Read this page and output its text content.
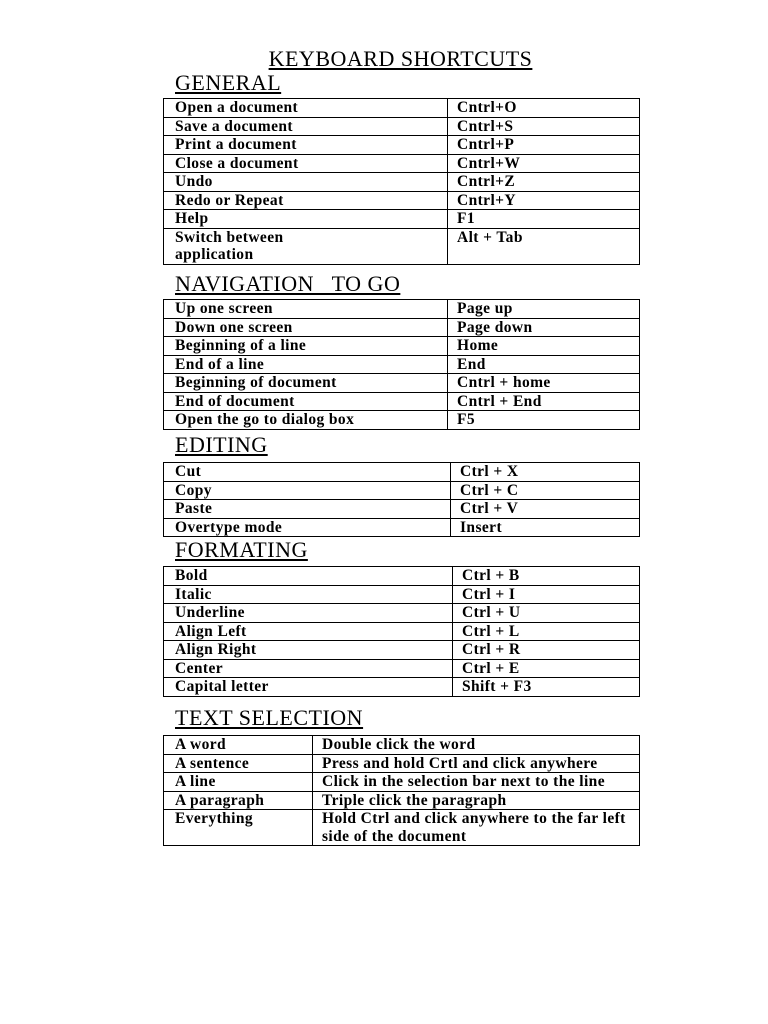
KEYBOARD SHORTCUTS
GENERAL
Open a document	Cntrl+O
Save a document	Cntrl+S
Print a document	Cntrl+P
Close a document	Cntrl+W
Undo	Cntrl+Z
Redo or Repeat	Cntrl+Y
Help	F1
Switch between application	Alt + Tab
NAVIGATION   TO GO
Up one screen	Page up
Down one screen	Page down
Beginning of a line	Home
End of a line	End
Beginning of document	Cntrl + home
End of document	Cntrl + End
Open the go to dialog box	F5
EDITING
Cut	Ctrl + X
Copy	Ctrl + C
Paste	Ctrl + V
Overtype mode	Insert
FORMATING
Bold	Ctrl + B
Italic	Ctrl + I
Underline	Ctrl + U
Align Left	Ctrl + L
Align Right	Ctrl + R
Center	Ctrl + E
Capital letter	Shift + F3
TEXT SELECTION
A word	Double click the word
A sentence	Press and hold Crtl and click anywhere
A line	Click in the selection bar next to the line
A paragraph	Triple click the paragraph
Everything	Hold Ctrl and click anywhere to the far left side of the document
